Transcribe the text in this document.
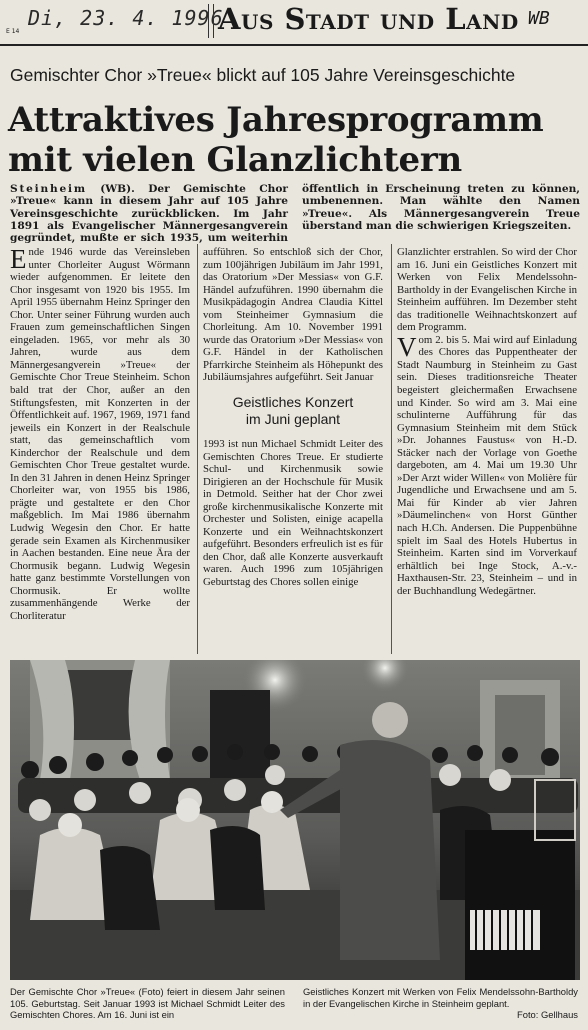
E 14
Di, 23. 4. 1996
Aus Stadt und Land WB
Gemischter Chor »Treue« blickt auf 105 Jahre Vereinsgeschichte
Attraktives Jahresprogramm
mit vielen Glanzlichtern

Steinheim (WB). Der Gemischte Chor »Treue« kann in diesem Jahr auf 105 Jahre Vereinsgeschichte zurückblicken. Im Jahr 1891 als Evangelischer Männergesangverein gegründet, mußte er sich 1935, um weiterhin öffentlich in Erscheinung treten zu können, umbenennen. Man wählte den Namen »Treue«. Als Männergesangverein Treue überstand man die schwierigen Kriegszeiten.

Ende 1946 wurde das Vereinsleben unter Chorleiter August Wörmann wieder aufgenommen. Er leitete den Chor insgesamt von 1920 bis 1955. Im April 1955 übernahm Heinz Springer den Chor. Unter seiner Führung wurden auch Frauen zum gemeinschaftlichen Singen eingeladen. 1965, vor mehr als 30 Jahren, wurde aus dem Männergesangverein »Treue« der Gemischte Chor Treue Steinheim. Schon bald trat der Chor, außer an den Stiftungsfesten, mit Konzerten in der Öffentlichkeit auf. 1967, 1969, 1971 fand jeweils ein Konzert in der Realschule statt, das gemeinschaftlich vom Kinderchor der Realschule und dem Gemischten Chor Treue gestaltet wurde. In den 31 Jahren in denen Heinz Springer Chorleiter war, von 1955 bis 1986, prägte und gestaltete er den Chor maßgeblich. Im Mai 1986 übernahm Ludwig Wegesin den Chor. Er hatte gerade sein Examen als Kirchenmusiker in Aachen bestanden. Eine neue Ära der Chormusik begann. Ludwig Wegesin hatte ganz bestimmte Vorstellungen von Chormusik. Er wollte zusammenhängende Werke der Chorliteratur

aufführen. So entschloß sich der Chor, zum 100jährigen Jubiläum im Jahr 1991, das Oratorium »Der Messias« von G.F. Händel aufzuführen. 1990 übernahm die Musikpädagogin Andrea Claudia Kittel vom Steinheimer Gymnasium die Chorleitung. Am 10. November 1991 wurde das Oratorium »Der Messias« von G.F. Händel in der Katholischen Pfarrkirche Steinheim als Höhepunkt des Jubiläumsjahres aufgeführt. Seit Januar

Geistliches Konzert
im Juni geplant

1993 ist nun Michael Schmidt Leiter des Gemischten Chores Treue. Er studierte Schul- und Kirchenmusik sowie Dirigieren an der Hochschule für Musik in Detmold. Seither hat der Chor zwei große kirchenmusikalische Konzerte mit Orchester und Solisten, einige acapella Konzerte und ein Weihnachtskonzert aufgeführt. Besonders erfreulich ist es für den Chor, daß alle Konzerte ausverkauft waren. Auch 1996 zum 105jährigen Geburtstag des Chores sollen einige

Glanzlichter erstrahlen. So wird der Chor am 16. Juni ein Geistliches Konzert mit Werken von Felix Mendelssohn-Bartholdy in der Evangelischen Kirche in Steinheim aufführen. Im Dezember steht das traditionelle Weihnachtskonzert auf dem Programm.

Vom 2. bis 5. Mai wird auf Einladung des Chores das Puppentheater der Stadt Naumburg in Steinheim zu Gast sein. Dieses traditionsreiche Theater begeistert gleichermaßen Erwachsene und Kinder. So wird am 3. Mai eine schulinterne Aufführung für das Gymnasium Steinheim mit dem Stück »Dr. Johannes Faustus« von H.-D. Stäcker nach der Vorlage von Goethe dargeboten, am 4. Mai um 19.30 Uhr »Der Arzt wider Willen« von Molière für Jugendliche und Erwachsene und am 5. Mai für Kinder ab vier Jahren »Däumelinchen« von Horst Günther nach H.Ch. Andersen. Die Puppenbühne spielt im Saal des Hotels Hubertus in Steinheim. Karten sind im Vorverkauf erhältlich bei Inge Stock, A.-v.-Haxthausen-Str. 23, Steinheim – und in der Buchhandlung Wedegärtner.

Der Gemischte Chor »Treue« (Foto) feiert in diesem Jahr seinen 105. Geburtstag. Seit Januar 1993 ist Michael Schmidt Leiter des Gemischten Chores. Am 16. Juni ist ein
Geistliches Konzert mit Werken von Felix Mendelssohn-Bartholdy in der Evangelischen Kirche in Steinheim geplant.
Foto: Gellhaus
